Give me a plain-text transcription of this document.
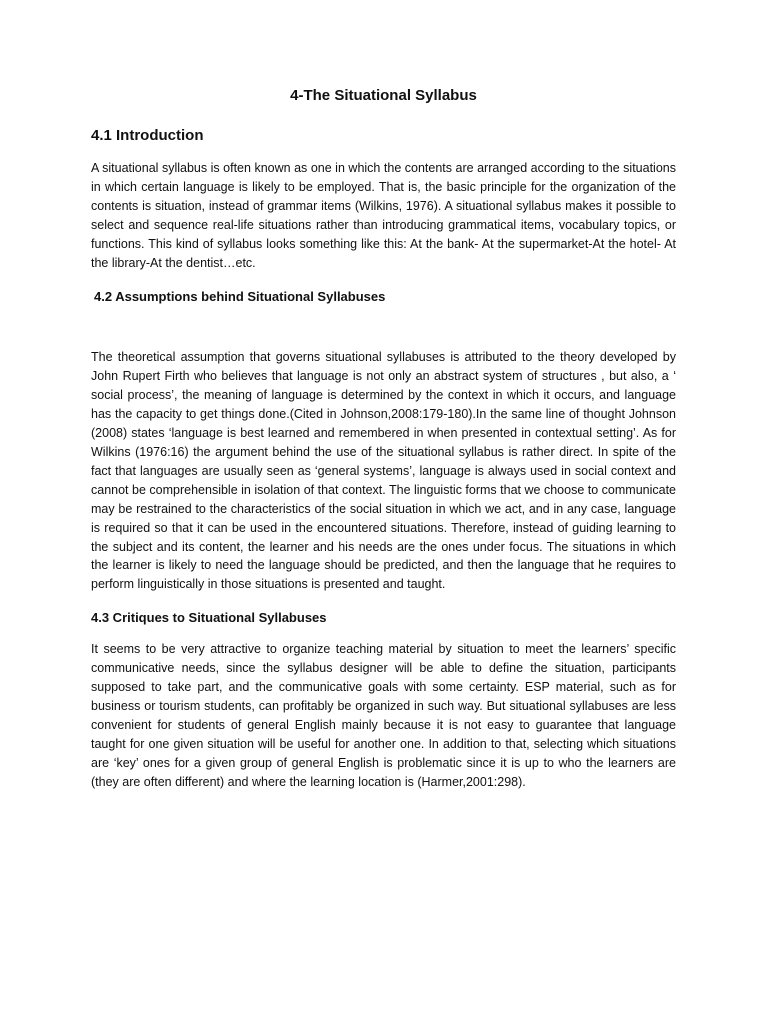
4-The Situational Syllabus
4.1 Introduction

A situational syllabus is often known as one in which the contents are arranged according to the situations in which certain language is likely to be employed. That is, the basic principle for the organization of the contents is situation, instead of grammar items (Wilkins, 1976). A situational syllabus makes it possible to select and sequence real-life situations rather than introducing grammatical items, vocabulary topics, or functions. This kind of syllabus looks something like this: At the bank- At the supermarket-At the hotel- At the library-At the dentist…etc.

4.2 Assumptions behind Situational Syllabuses

The theoretical assumption that governs situational syllabuses is attributed to the theory developed by John Rupert Firth who believes that language is not only an abstract system of structures , but also, a ‘ social process’, the meaning of language is determined by the context in which it occurs, and language has the capacity to get things done.(Cited in Johnson,2008:179-180).In the same line of thought Johnson (2008) states ‘language is best learned and remembered in when presented in contextual setting’. As for Wilkins (1976:16) the argument behind the use of the situational syllabus is rather direct. In spite of the fact that languages are usually seen as ‘general systems’, language is always used in social context and cannot be comprehensible in isolation of that context. The linguistic forms that we choose to communicate may be restrained to the characteristics of the social situation in which we act, and in any case, language is required so that it can be used in the encountered situations. Therefore, instead of guiding learning to the subject and its content, the learner and his needs are the ones under focus. The situations in which the learner is likely to need the language should be predicted, and then the language that he requires to perform linguistically in those situations is presented and taught.

4.3 Critiques to Situational Syllabuses

It seems to be very attractive to organize teaching material by situation to meet the learners’ specific communicative needs, since the syllabus designer will be able to define the situation, participants supposed to take part, and the communicative goals with some certainty. ESP material, such as for business or tourism students, can profitably be organized in such way. But situational syllabuses are less convenient for students of general English mainly because it is not easy to guarantee that language taught for one given situation will be useful for another one. In addition to that, selecting which situations are ‘key’ ones for a given group of general English is problematic since it is up to who the learners are (they are often different) and where the learning location is (Harmer,2001:298).
